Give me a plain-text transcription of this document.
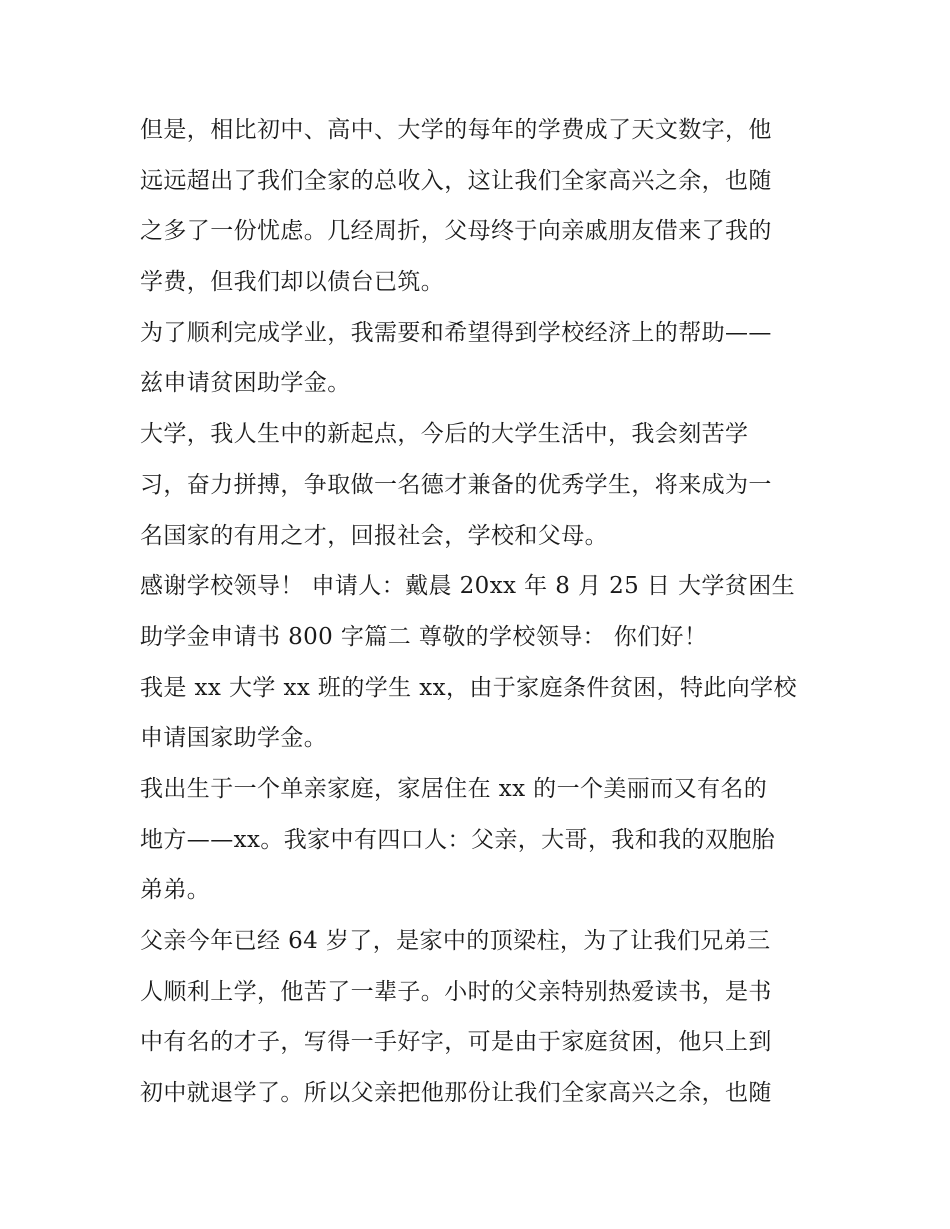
但是，相比初中、高中、大学的每年的学费成了天文数字，他
远远超出了我们全家的总收入，这让我们全家高兴之余，也随
之多了一份忧虑。几经周折，父母终于向亲戚朋友借来了我的
学费，但我们却以债台已筑。
为了顺利完成学业，我需要和希望得到学校经济上的帮助——
兹申请贫困助学金。
大学，我人生中的新起点，今后的大学生活中，我会刻苦学
习，奋力拼搏，争取做一名德才兼备的优秀学生，将来成为一
名国家的有用之才，回报社会，学校和父母。
感谢学校领导！ 申请人：戴晨 20xx 年 8 月 25 日 大学贫困生
助学金申请书 800 字篇二 尊敬的学校领导： 你们好！
我是 xx 大学 xx 班的学生 xx，由于家庭条件贫困，特此向学校
申请国家助学金。
我出生于一个单亲家庭，家居住在 xx 的一个美丽而又有名的
地方——xx。我家中有四口人：父亲，大哥，我和我的双胞胎
弟弟。
父亲今年已经 64 岁了，是家中的顶梁柱，为了让我们兄弟三
人顺利上学，他苦了一辈子。小时的父亲特别热爱读书，是书
中有名的才子，写得一手好字，可是由于家庭贫困，他只上到
初中就退学了。所以父亲把他那份让我们全家高兴之余，也随
